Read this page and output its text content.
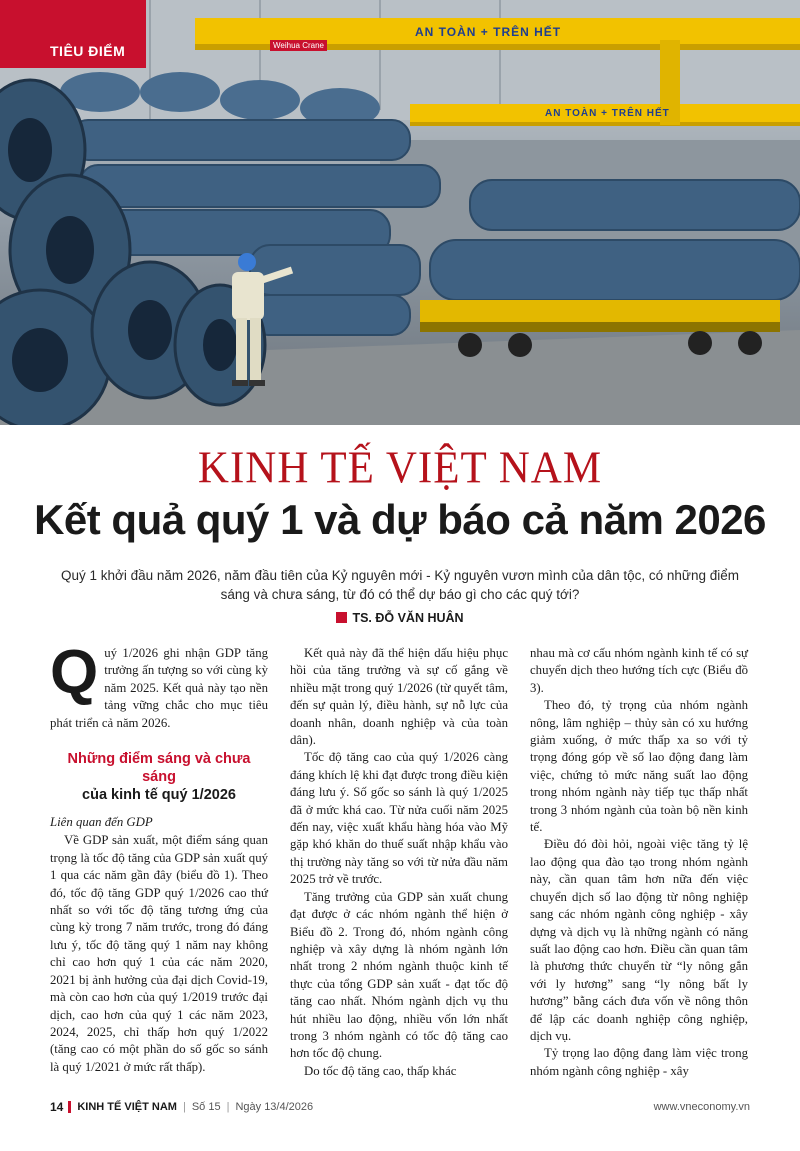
AN TOÀN + TRÊN HẾT
AN TOÀN + TRÊN HẾT
Weihua Crane
TIÊU ĐIỂM
KINH TẾ VIỆT NAM
Kết quả quý 1 và dự báo cả năm 2026
Quý 1 khởi đầu năm 2026, năm đầu tiên của Kỷ nguyên mới - Kỷ nguyên vươn mình của dân tộc, có những điểm sáng và chưa sáng, từ đó có thể dự báo gì cho các quý tới?
TS. ĐỖ VĂN HUÂN

Quý 1/2026 ghi nhận GDP tăng trưởng ấn tượng so với cùng kỳ năm 2025. Kết quả này tạo nền tảng vững chắc cho mục tiêu phát triển cả năm 2026.

Những điểm sáng và chưa sáng
của kinh tế quý 1/2026

Liên quan đến GDP

Về GDP sản xuất, một điểm sáng quan trọng là tốc độ tăng của GDP sản xuất quý 1 qua các năm gần đây (biểu đồ 1). Theo đó, tốc độ tăng GDP quý 1/2026 cao thứ nhất so với tốc độ tăng tương ứng của cùng kỳ trong 7 năm trước, trong đó đáng lưu ý, tốc độ tăng quý 1 năm nay không chỉ cao hơn quý 1 của các năm 2020, 2021 bị ảnh hưởng của đại dịch Covid-19, mà còn cao hơn của quý 1/2019 trước đại dịch, cao hơn của quý 1 các năm 2023, 2024, 2025, chỉ thấp hơn quý 1/2022 (tăng cao có một phần do số gốc so sánh là quý 1/2021 ở mức rất thấp).

Kết quả này đã thể hiện dấu hiệu phục hồi của tăng trưởng và sự cố gắng về nhiều mặt trong quý 1/2026 (từ quyết tâm, đến sự quản lý, điều hành, sự nỗ lực của doanh nhân, doanh nghiệp và của toàn dân).

Tốc độ tăng cao của quý 1/2026 càng đáng khích lệ khi đạt được trong điều kiện đáng lưu ý. Số gốc so sánh là quý 1/2025 đã ở mức khá cao. Từ nửa cuối năm 2025 đến nay, việc xuất khẩu hàng hóa vào Mỹ gặp khó khăn do thuế suất nhập khẩu vào thị trường này tăng so với từ nửa đầu năm 2025 trở về trước.

Tăng trưởng của GDP sản xuất chung đạt được ở các nhóm ngành thể hiện ở Biểu đồ 2. Trong đó, nhóm ngành công nghiệp và xây dựng là nhóm ngành lớn nhất trong 2 nhóm ngành thuộc kinh tế thực của tổng GDP sản xuất - đạt tốc độ tăng cao nhất. Nhóm ngành dịch vụ thu hút nhiều lao động, nhiều vốn lớn nhất trong 3 nhóm ngành có tốc độ tăng cao hơn tốc độ chung.

Do tốc độ tăng cao, thấp khác

nhau mà cơ cấu nhóm ngành kinh tế có sự chuyển dịch theo hướng tích cực (Biểu đồ 3).

Theo đó, tỷ trọng của nhóm ngành nông, lâm nghiệp – thủy sản có xu hướng giảm xuống, ở mức thấp xa so với tỷ trọng đóng góp về số lao động đang làm việc, chứng tỏ mức năng suất lao động trong nhóm ngành này tiếp tục thấp nhất trong 3 nhóm ngành của toàn bộ nền kinh tế.

Điều đó đòi hỏi, ngoài việc tăng tỷ lệ lao động qua đào tạo trong nhóm ngành này, cần quan tâm hơn nữa đến việc chuyển dịch số lao động từ nông nghiệp sang các nhóm ngành công nghiệp - xây dựng và dịch vụ là những ngành có năng suất lao động cao hơn. Điều cần quan tâm là phương thức chuyển từ “ly nông gắn với ly hương” sang “ly nông bất ly hương” bằng cách đưa vốn về nông thôn để lập các doanh nghiệp công nghiệp, dịch vụ.

Tỷ trọng lao động đang làm việc trong nhóm ngành công nghiệp - xây

14 KINH TẾ VIỆT NAM | Số 15 | Ngày 13/4/2026	www.vneconomy.vn
